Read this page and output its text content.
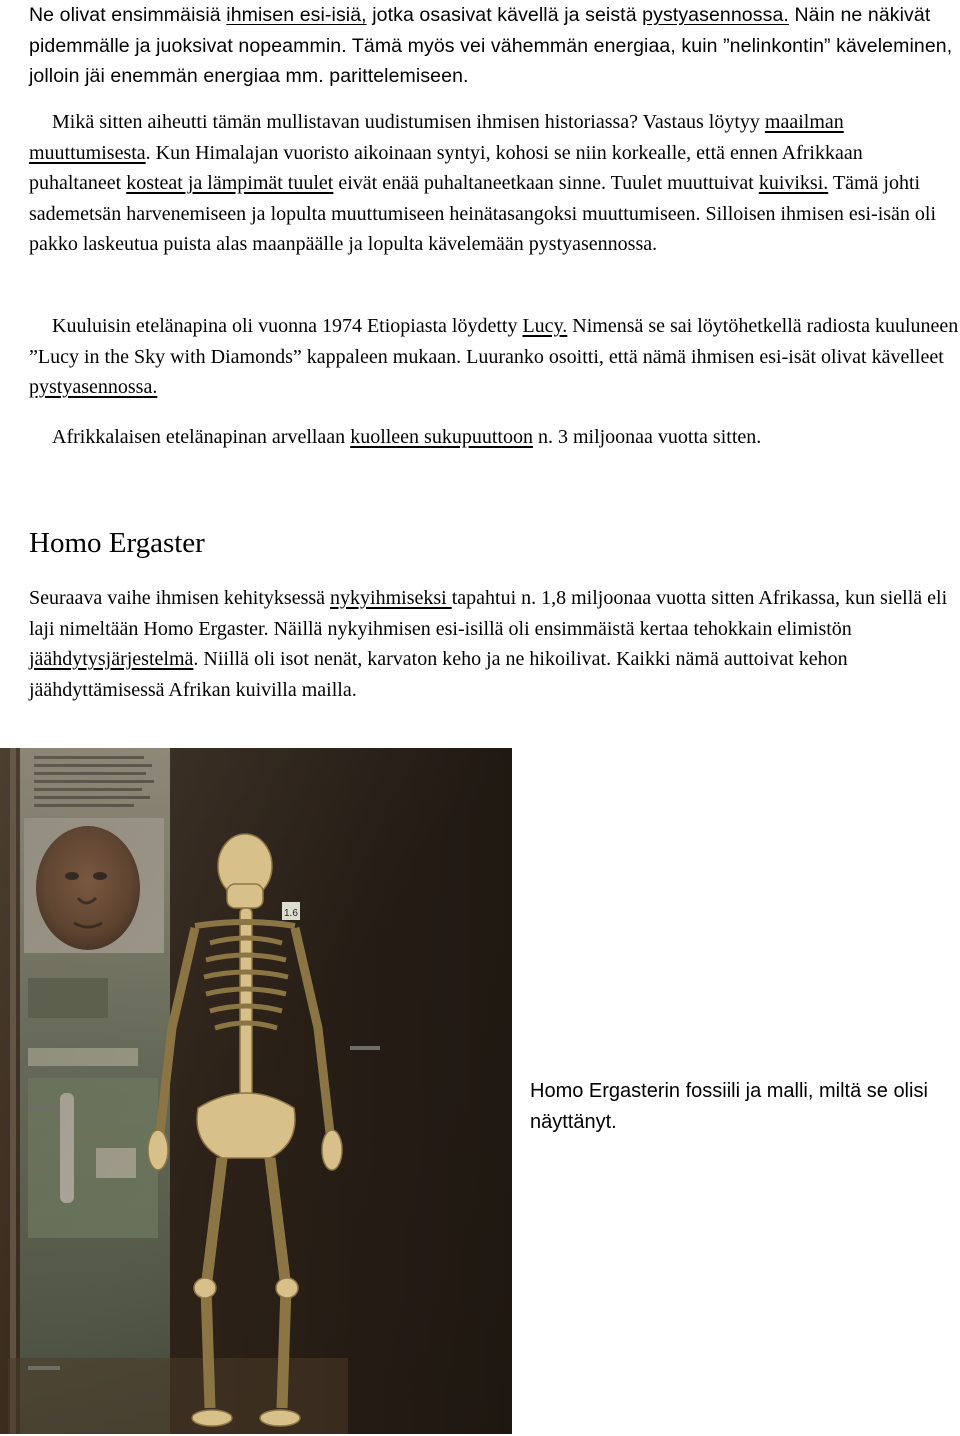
Ne olivat ensimmäisiä ihmisen esi-isiä, jotka osasivat kävellä ja seistä pystyasennossa. Näin ne näkivät pidemmälle ja juoksivat nopeammin. Tämä myös vei vähemmän energiaa, kuin ”nelinkontin” käveleminen, jolloin jäi enemmän energiaa mm. parittelemiseen.

Mikä sitten aiheutti tämän mullistavan uudistumisen ihmisen historiassa? Vastaus löytyy maailman muuttumisesta. Kun Himalajan vuoristo aikoinaan syntyi, kohosi se niin korkealle, että ennen Afrikkaan puhaltaneet kosteat ja lämpimät tuulet eivät enää puhaltaneetkaan sinne. Tuulet muuttuivat kuiviksi. Tämä johti sademetsän harvenemiseen ja lopulta muuttumiseen heinätasangoksi muuttumiseen. Silloisen ihmisen esi-isän oli pakko laskeutua puista alas maanpäälle ja lopulta kävelemään pystyasennossa.

Kuuluisin etelänapina oli vuonna 1974 Etiopiasta löydetty Lucy. Nimensä se sai löytöhetkellä radiosta kuuluneen ”Lucy in the Sky with Diamonds” kappaleen mukaan. Luuranko osoitti, että nämä ihmisen esi-isät olivat kävelleet pystyasennossa.

Afrikkalaisen etelänapinan arvellaan kuolleen sukupuuttoon n. 3 miljoonaa vuotta sitten.

Homo Ergaster

Seuraava vaihe ihmisen kehityksessä nykyihmiseksi tapahtui n. 1,8 miljoonaa vuotta sitten Afrikassa, kun siellä eli laji nimeltään Homo Ergaster. Näillä nykyihmisen esi-isillä oli ensimmäistä kertaa tehokkain elimistön jäähdytysjärjestelmä. Niillä oli isot nenät, karvaton keho ja ne hikoilivat. Kaikki nämä auttoivat kehon jäähdyttämisessä Afrikan kuivilla mailla.

1.6
Homo Ergasterin fossiili ja malli, miltä se olisi näyttänyt.
